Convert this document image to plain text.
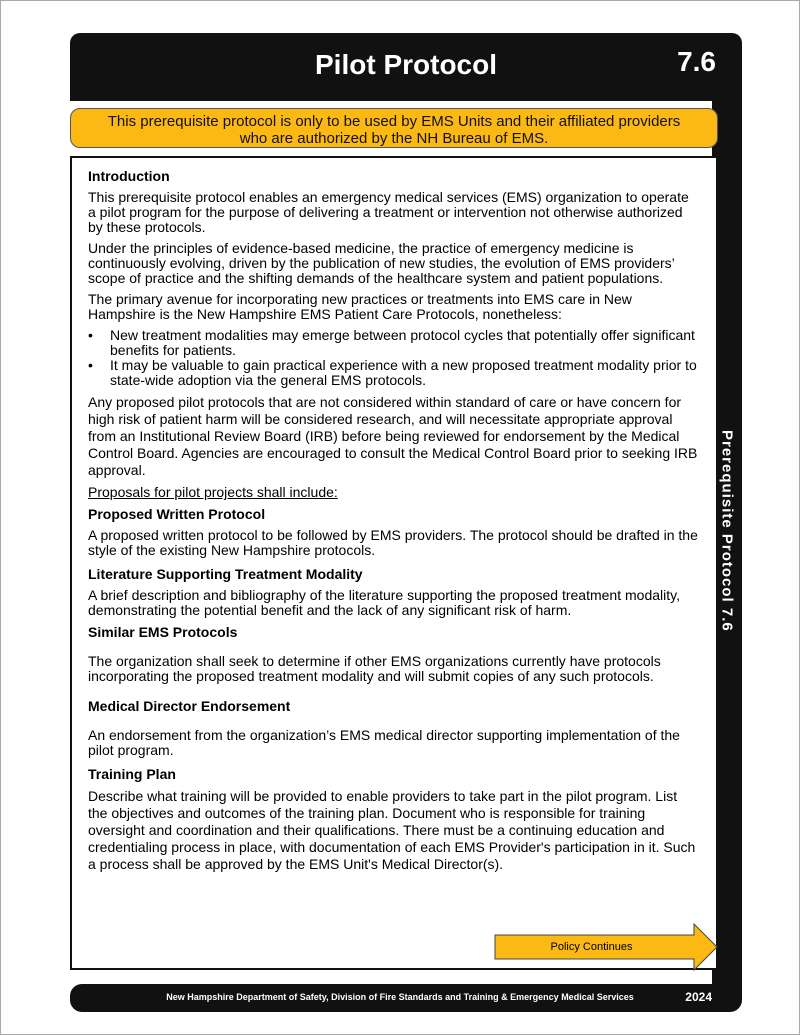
Pilot Protocol	7.6
This prerequisite protocol is only to be used by EMS Units and their affiliated providers
who are authorized by the NH Bureau of EMS.
Introduction

This prerequisite protocol enables an emergency medical services (EMS) organization to operate a pilot program for the purpose of delivering a treatment or intervention not otherwise authorized by these protocols.

Under the principles of evidence-based medicine, the practice of emergency medicine is continuously evolving, driven by the publication of new studies, the evolution of EMS providers’ scope of practice and the shifting demands of the healthcare system and patient populations.

The primary avenue for incorporating new practices or treatments into EMS care in New Hampshire is the New Hampshire EMS Patient Care Protocols, nonetheless:

• New treatment modalities may emerge between protocol cycles that potentially offer significant benefits for patients.
• It may be valuable to gain practical experience with a new proposed treatment modality prior to state-wide adoption via the general EMS protocols.

Any proposed pilot protocols that are not considered within standard of care or have concern for high risk of patient harm will be considered research, and will necessitate appropriate approval from an Institutional Review Board (IRB) before being reviewed for endorsement by the Medical Control Board. Agencies are encouraged to consult the Medical Control Board prior to seeking IRB approval.

Proposals for pilot projects shall include:

Proposed Written Protocol

A proposed written protocol to be followed by EMS providers. The protocol should be drafted in the style of the existing New Hampshire protocols.

Literature Supporting Treatment Modality

A brief description and bibliography of the literature supporting the proposed treatment modality, demonstrating the potential benefit and the lack of any significant risk of harm.

Similar EMS Protocols

The organization shall seek to determine if other EMS organizations currently have protocols incorporating the proposed treatment modality and will submit copies of any such protocols.

Medical Director Endorsement

An endorsement from the organization’s EMS medical director supporting implementation of the pilot program.

Training Plan

Describe what training will be provided to enable providers to take part in the pilot program. List the objectives and outcomes of the training plan. Document who is responsible for training oversight and coordination and their qualifications. There must be a continuing education and credentialing process in place, with documentation of each EMS Provider's participation in it. Such a process shall be approved by the EMS Unit's Medical Director(s).

Prerequisite Protocol 7.6
Policy Continues
New Hampshire Department of Safety, Division of Fire Standards and Training & Emergency Medical Services	2024
